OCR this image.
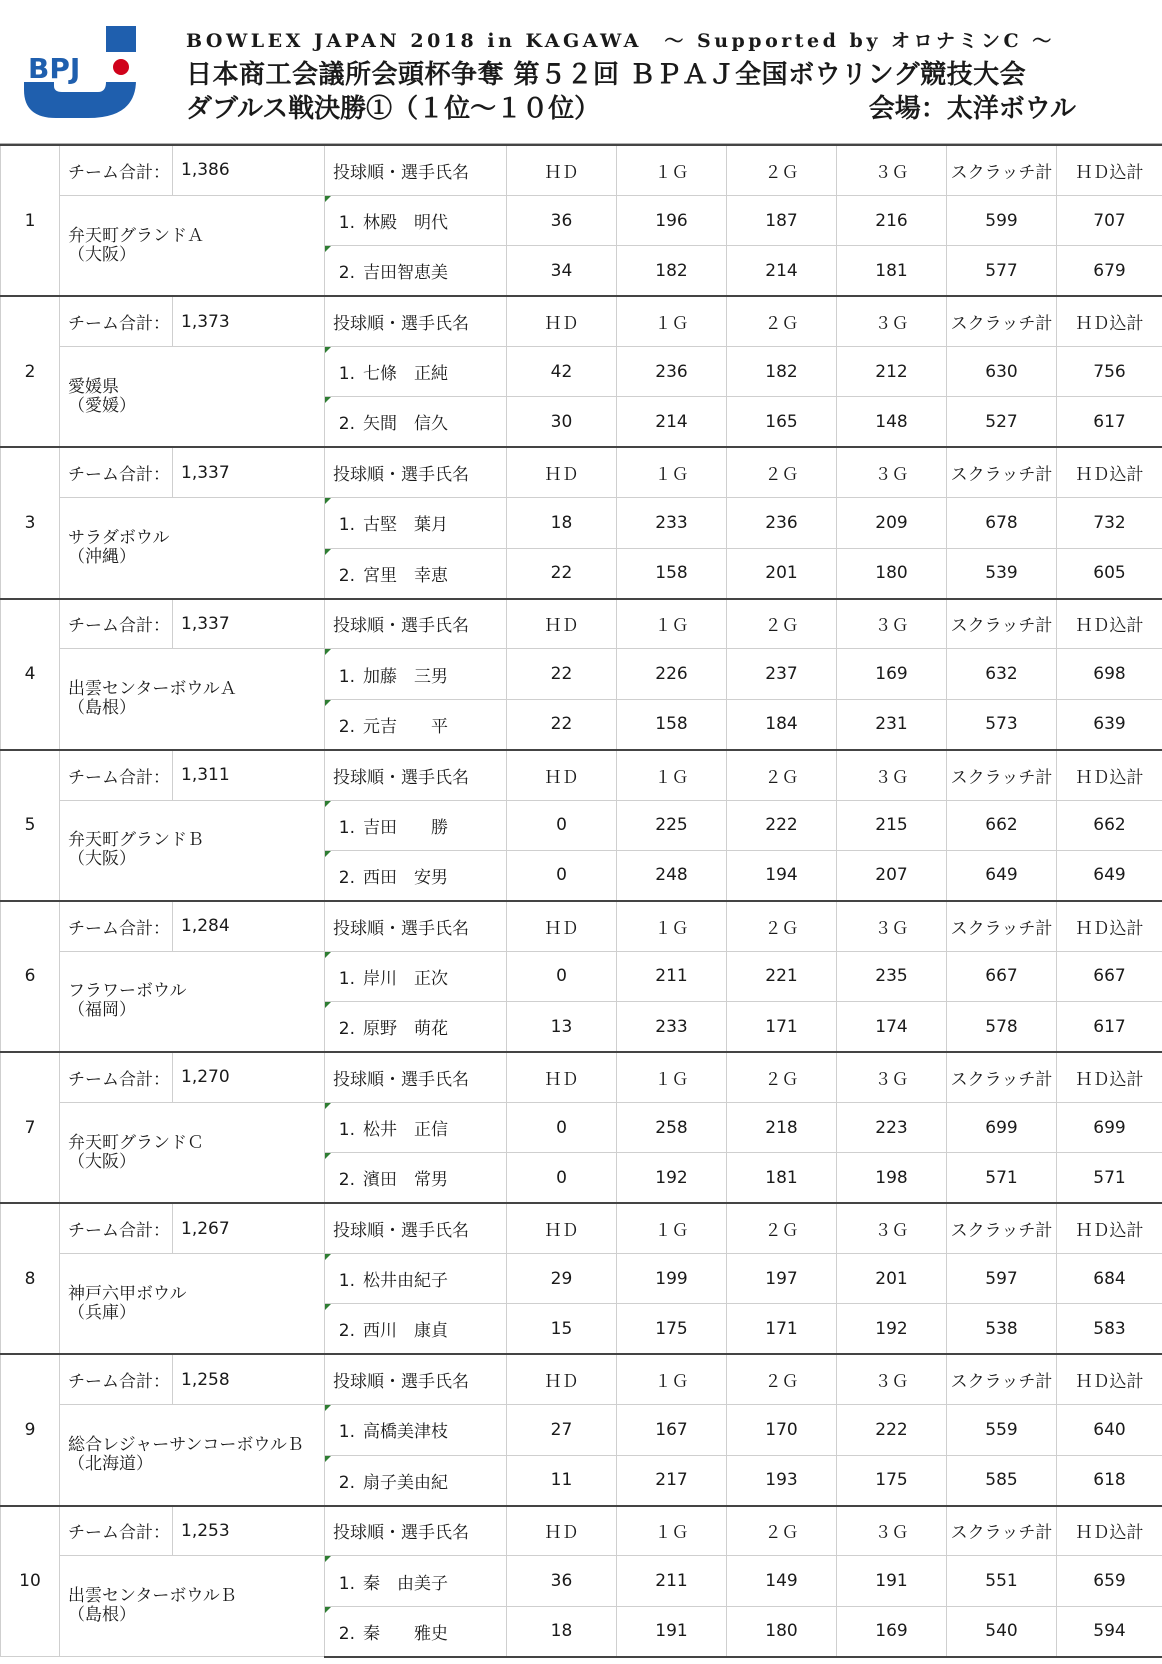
BPJ
BOWLEX JAPAN 2018 in KAGAWA　～ Supported by オロナミンC ～
日本商工会議所会頭杯争奪 第５２回 ＢＰＡＪ全国ボウリング競技大会
ダブルス戦決勝①（１位～１０位）	会場：太洋ボウル
1	チーム合計：	1,386	投球順・選手氏名	ＨＤ	１Ｇ	２Ｇ	３Ｇ	スクラッチ計	ＨＤ込計

	弁天町グランドＡ
（大阪）		1. 林殿　明代	36	196	187	216	599	707

2. 吉田智恵美	34	182	214	181	577	679
2	チーム合計：	1,373	投球順・選手氏名	ＨＤ	１Ｇ	２Ｇ	３Ｇ	スクラッチ計	ＨＤ込計

	愛媛県
（愛媛）		1. 七條　正純	42	236	182	212	630	756

2. 矢間　信久	30	214	165	148	527	617
3	チーム合計：	1,337	投球順・選手氏名	ＨＤ	１Ｇ	２Ｇ	３Ｇ	スクラッチ計	ＨＤ込計

	サラダボウル
（沖縄）		1. 古堅　葉月	18	233	236	209	678	732

2. 宮里　幸恵	22	158	201	180	539	605
4	チーム合計：	1,337	投球順・選手氏名	ＨＤ	１Ｇ	２Ｇ	３Ｇ	スクラッチ計	ＨＤ込計

	出雲センターボウルＡ
（島根）		1. 加藤　三男	22	226	237	169	632	698

2. 元吉　　平	22	158	184	231	573	639
5	チーム合計：	1,311	投球順・選手氏名	ＨＤ	１Ｇ	２Ｇ	３Ｇ	スクラッチ計	ＨＤ込計

	弁天町グランドＢ
（大阪）		1. 吉田　　勝	0	225	222	215	662	662

2. 西田　安男	0	248	194	207	649	649
6	チーム合計：	1,284	投球順・選手氏名	ＨＤ	１Ｇ	２Ｇ	３Ｇ	スクラッチ計	ＨＤ込計

	フラワーボウル
（福岡）		1. 岸川　正次	0	211	221	235	667	667

2. 原野　萌花	13	233	171	174	578	617
7	チーム合計：	1,270	投球順・選手氏名	ＨＤ	１Ｇ	２Ｇ	３Ｇ	スクラッチ計	ＨＤ込計

	弁天町グランドＣ
（大阪）		1. 松井　正信	0	258	218	223	699	699

2. 濱田　常男	0	192	181	198	571	571
8	チーム合計：	1,267	投球順・選手氏名	ＨＤ	１Ｇ	２Ｇ	３Ｇ	スクラッチ計	ＨＤ込計

	神戸六甲ボウル
（兵庫）		1. 松井由紀子	29	199	197	201	597	684

2. 西川　康貞	15	175	171	192	538	583
9	チーム合計：	1,258	投球順・選手氏名	ＨＤ	１Ｇ	２Ｇ	３Ｇ	スクラッチ計	ＨＤ込計

	総合レジャーサンコーボウルＢ
（北海道）		1. 高橋美津枝	27	167	170	222	559	640

2. 扇子美由紀	11	217	193	175	585	618
10	チーム合計：	1,253	投球順・選手氏名	ＨＤ	１Ｇ	２Ｇ	３Ｇ	スクラッチ計	ＨＤ込計

	出雲センターボウルＢ
（島根）		1. 秦　由美子	36	211	149	191	551	659

2. 秦　　雅史	18	191	180	169	540	594
